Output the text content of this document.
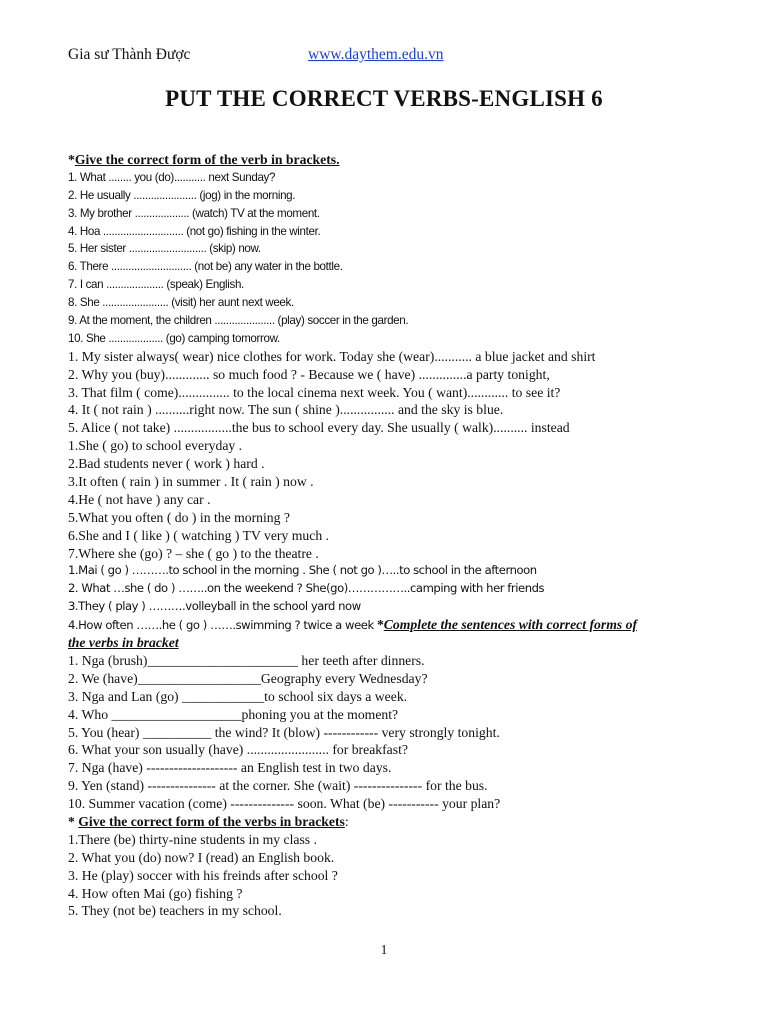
Gia sư Thành Được	www.daythem.edu.vn
PUT THE CORRECT VERBS-ENGLISH 6
*Give the correct form of the verb in brackets.
1. What ........ you (do)........... next Sunday?
2. He usually ...................... (jog) in the morning.
3. My brother ................... (watch) TV at the moment.
4. Hoa ............................ (not go) fishing in the winter.
5. Her sister ........................... (skip) now.
6. There ............................ (not be) any water in the bottle.
7. I can .................... (speak) English.
8. She ....................... (visit) her aunt next week.
9. At the moment, the children ..................... (play) soccer in the garden.
10. She ................... (go) camping tomorrow.
1. My sister always( wear) nice clothes for work. Today she (wear)........... a blue jacket and shirt
2. Why you (buy)............. so much food ? - Because we ( have) ..............a party tonight,
3. That film ( come)............... to the local cinema next week. You ( want)............ to see it?
4. It ( not rain ) ..........right now. The sun ( shine )................ and the sky is blue.
5. Alice ( not take) .................the bus to school every day. She usually ( walk).......... instead
1.She ( go) to school everyday .
2.Bad students never ( work ) hard .
3.It often ( rain ) in summer . It ( rain ) now .
4.He ( not have ) any car .
5.What you often ( do ) in the morning ?
6.She and I ( like ) ( watching ) TV very much .
7.Where she (go) ? – she ( go ) to the theatre .
1.Mai ( go ) ……….to school in the morning . She ( not go )…..to school in the afternoon
2. What …she ( do ) ……..on the weekend ? She(go)……………..camping with her friends
3.They ( play ) ……….volleyball in the school yard now
4.How often …….he ( go ) …….swimming ? twice a week *Complete the sentences with correct forms of
the verbs in bracket
1. Nga (brush)______________________ her teeth after dinners.
2. We (have)__________________Geography every Wednesday?
3. Nga and Lan (go) ____________to school six days a week.
4. Who ___________________phoning you at the moment?
5. You (hear) __________ the wind? It (blow) ------------ very strongly tonight.
6. What your son usually (have) ........................ for breakfast?
7. Nga (have) -------------------- an English test in two days.
9. Yen (stand) --------------- at the corner. She (wait) --------------- for the bus.
10. Summer vacation (come) -------------- soon. What (be) ----------- your plan?
* Give the correct form of the verbs in brackets:
1.There (be) thirty-nine students in my class .
2. What you (do) now? I (read) an English book.
3. He (play) soccer with his freinds after school ?
4. How often Mai (go) fishing ?
5. They (not be) teachers in my school.
1
